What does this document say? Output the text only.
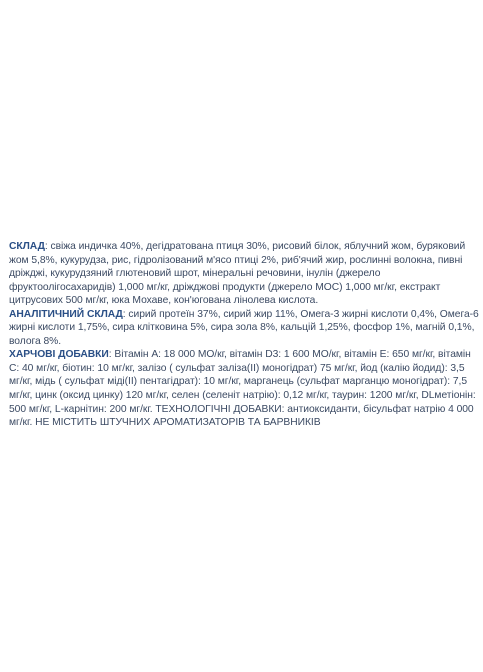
СКЛАД: свіжа индичка 40%, дегідратована птиця 30%, рисовий білок, яблучний жом, буряковий жом 5,8%, кукурудза, рис, гідролізований м'ясо птиці 2%, риб'ячий жир, рослинні волокна, пивні дріжджі, кукурудзяний глютеновий шрот, мінеральні речовини, інулін (джерело фруктоолігосахаридів) 1,000 мг/кг, дріжджові продукти (джерело МОС) 1,000 мг/кг, екстракт цитрусових 500 мг/кг, юка Мохаве, кон'югована лінолева кислота.

АНАЛІТИЧНИЙ СКЛАД: сирий протеїн 37%, сирий жир 11%, Омега-3 жирні кислоти 0,4%, Омега-6 жирні кислоти 1,75%, сира клітковина 5%, сира зола 8%, кальцій 1,25%, фосфор 1%, магній 0,1%, волога 8%.

ХАРЧОВІ ДОБАВКИ: Вітамін А: 18 000 МО/кг, вітамін D3: 1 600 МО/кг, вітамін Е: 650 мг/кг, вітамін С: 40 мг/кг, біотин: 10 мг/кг, залізо ( сульфат заліза(ІІ) моногідрат) 75 мг/кг, йод (калію йодид): 3,5 мг/кг, мідь ( сульфат міді(ІІ) пентагідрат): 10 мг/кг, марганець (сульфат марганцю моногідрат): 7,5 мг/кг, цинк (оксид цинку) 120 мг/кг, селен (селеніт натрію): 0,12 мг/кг, таурин: 1200 мг/кг, DLметіонін: 500 мг/кг, L-карнітин: 200 мг/кг. ТЕХНОЛОГІЧНІ ДОБАВКИ: антиоксиданти, бісульфат натрію 4 000 мг/кг. НЕ МІСТИТЬ ШТУЧНИХ АРОМАТИЗАТОРІВ ТА БАРВНИКІВ
